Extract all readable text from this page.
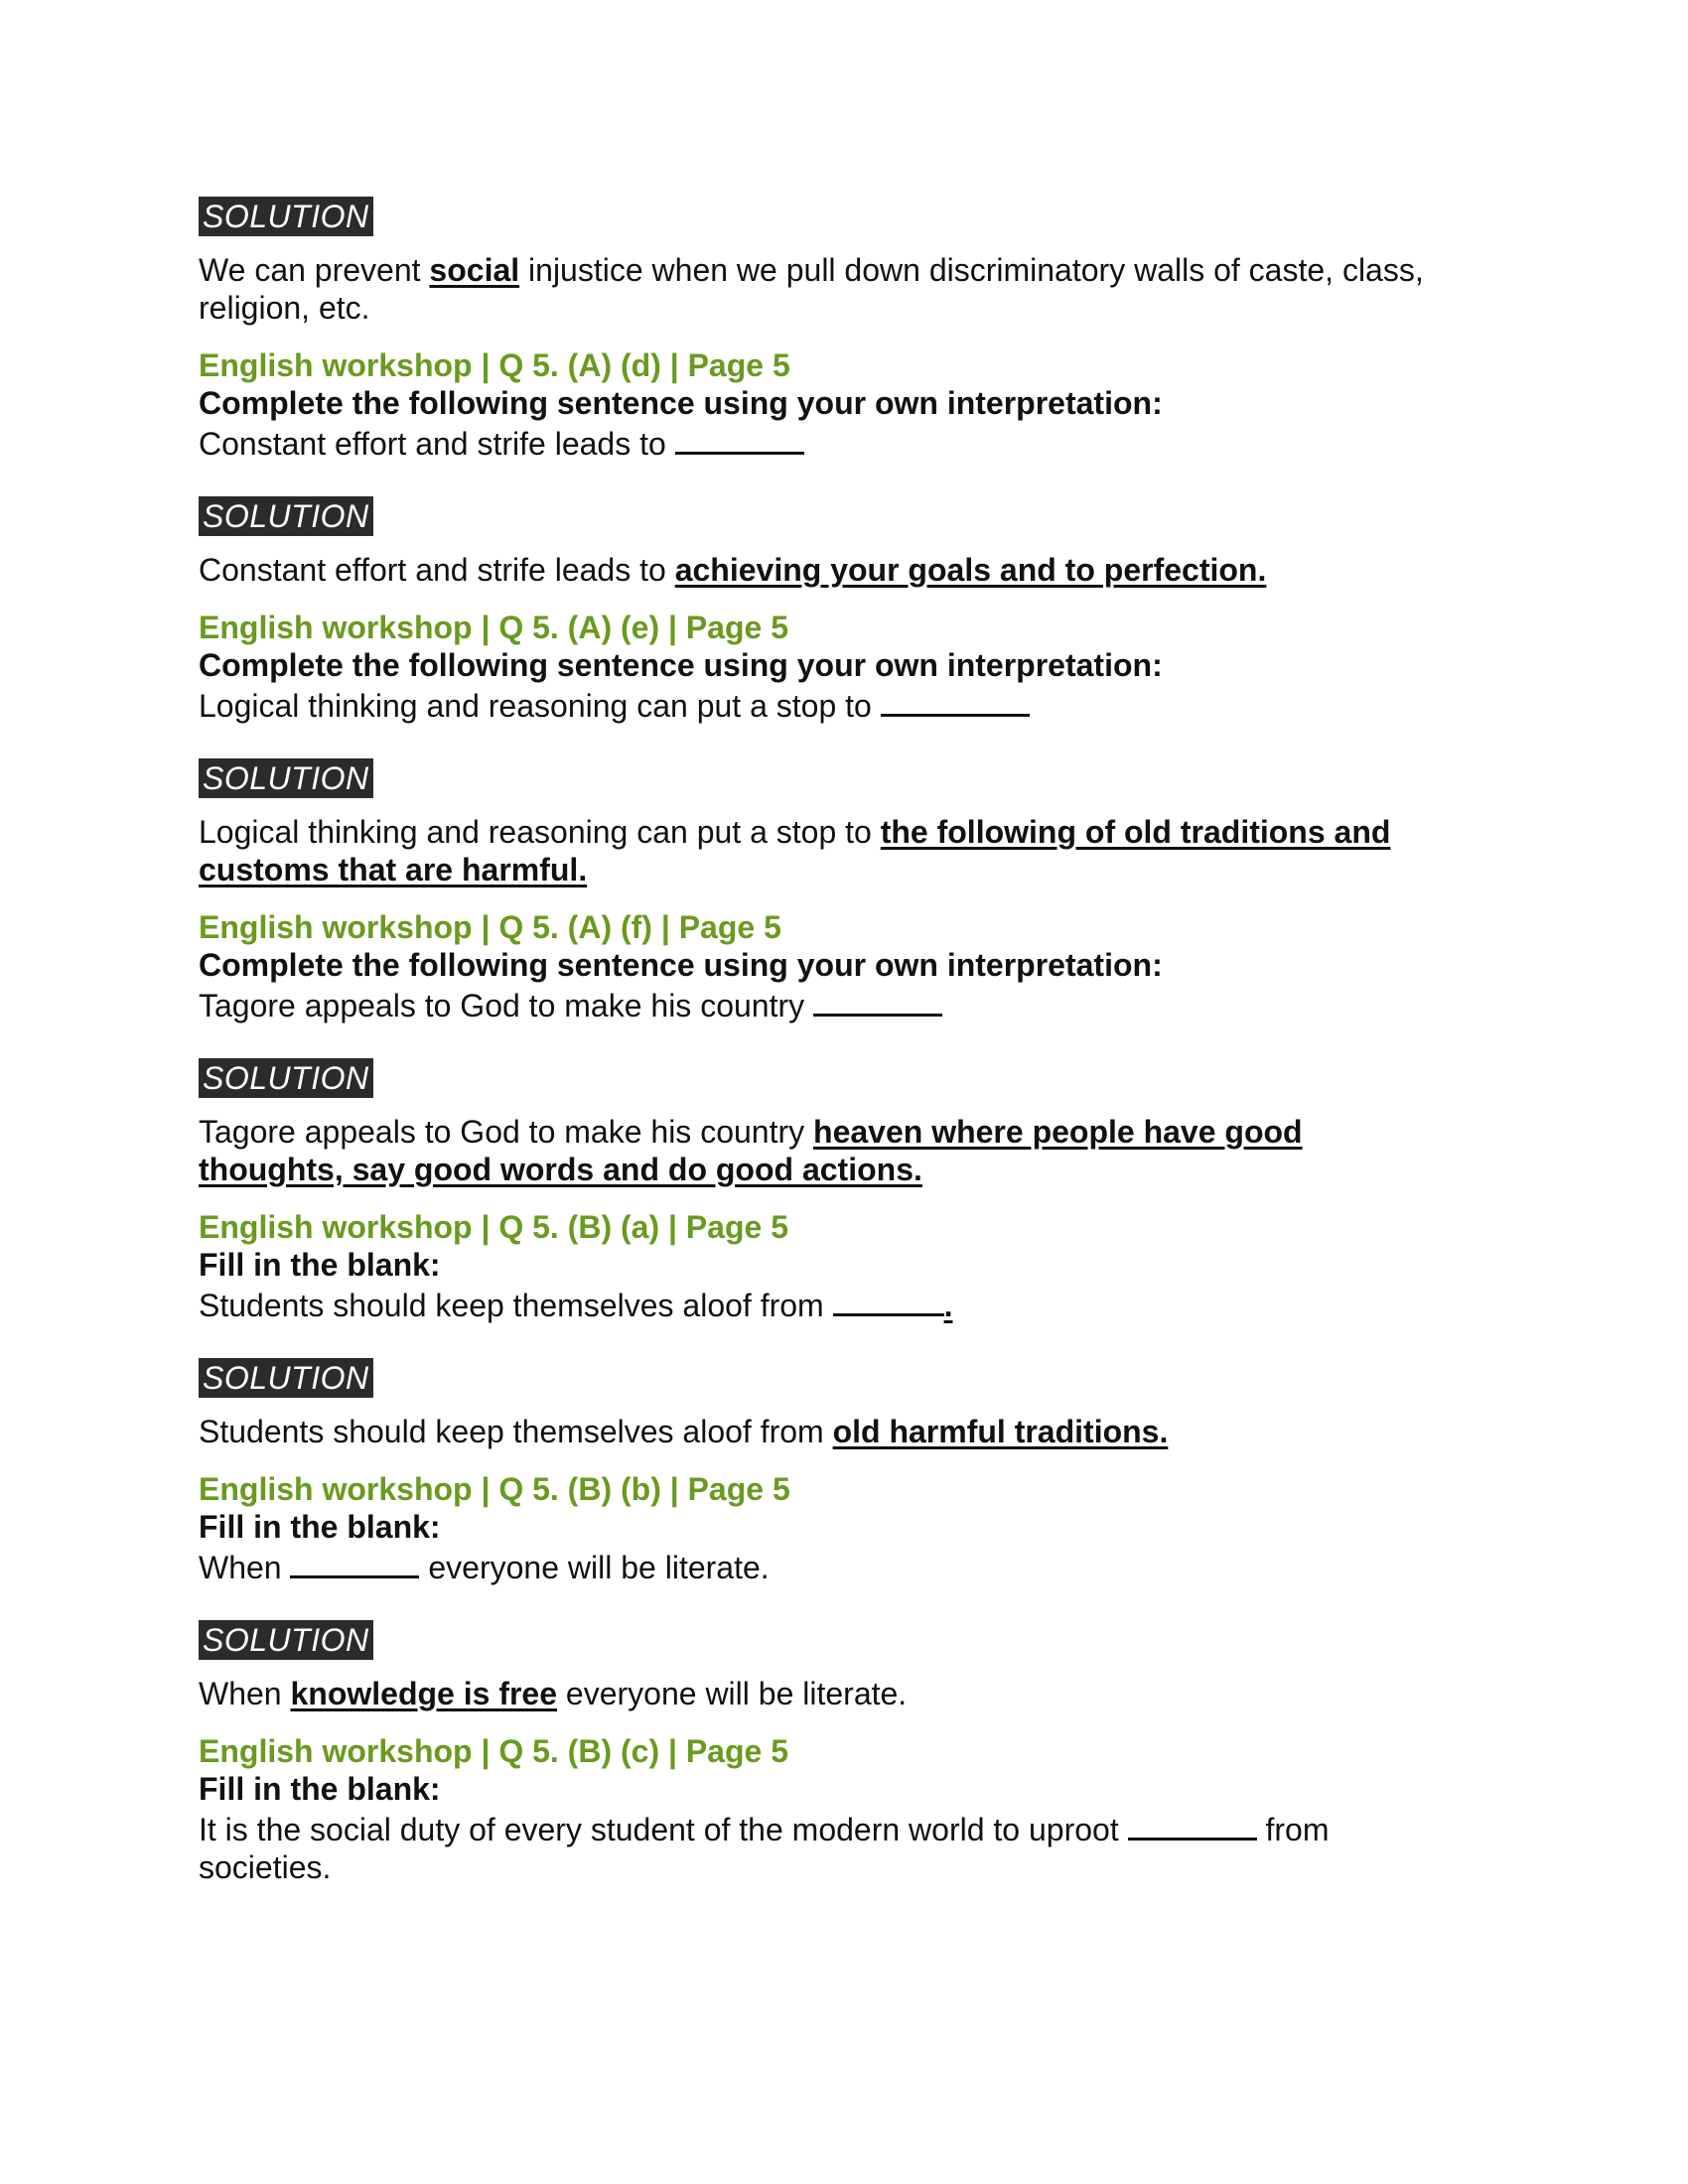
SOLUTION

We can prevent social injustice when we pull down discriminatory walls of caste, class, religion, etc.

English workshop | Q 5. (A) (d) | Page 5

Complete the following sentence using your own interpretation:

Constant effort and strife leads to

SOLUTION

Constant effort and strife leads to achieving your goals and to perfection.

English workshop | Q 5. (A) (e) | Page 5

Complete the following sentence using your own interpretation:

Logical thinking and reasoning can put a stop to

SOLUTION

Logical thinking and reasoning can put a stop to the following of old traditions and customs that are harmful.

English workshop | Q 5. (A) (f) | Page 5

Complete the following sentence using your own interpretation:

Tagore appeals to God to make his country

SOLUTION

Tagore appeals to God to make his country heaven where people have good thoughts, say good words and do good actions.

English workshop | Q 5. (B) (a) | Page 5

Fill in the blank:

Students should keep themselves aloof from	.

SOLUTION

Students should keep themselves aloof from old harmful traditions.

English workshop | Q 5. (B) (b) | Page 5

Fill in the blank:

When	everyone will be literate.

SOLUTION

When knowledge is free everyone will be literate.

English workshop | Q 5. (B) (c) | Page 5

Fill in the blank:

It is the social duty of every student of the modern world to uproot	from societies.
